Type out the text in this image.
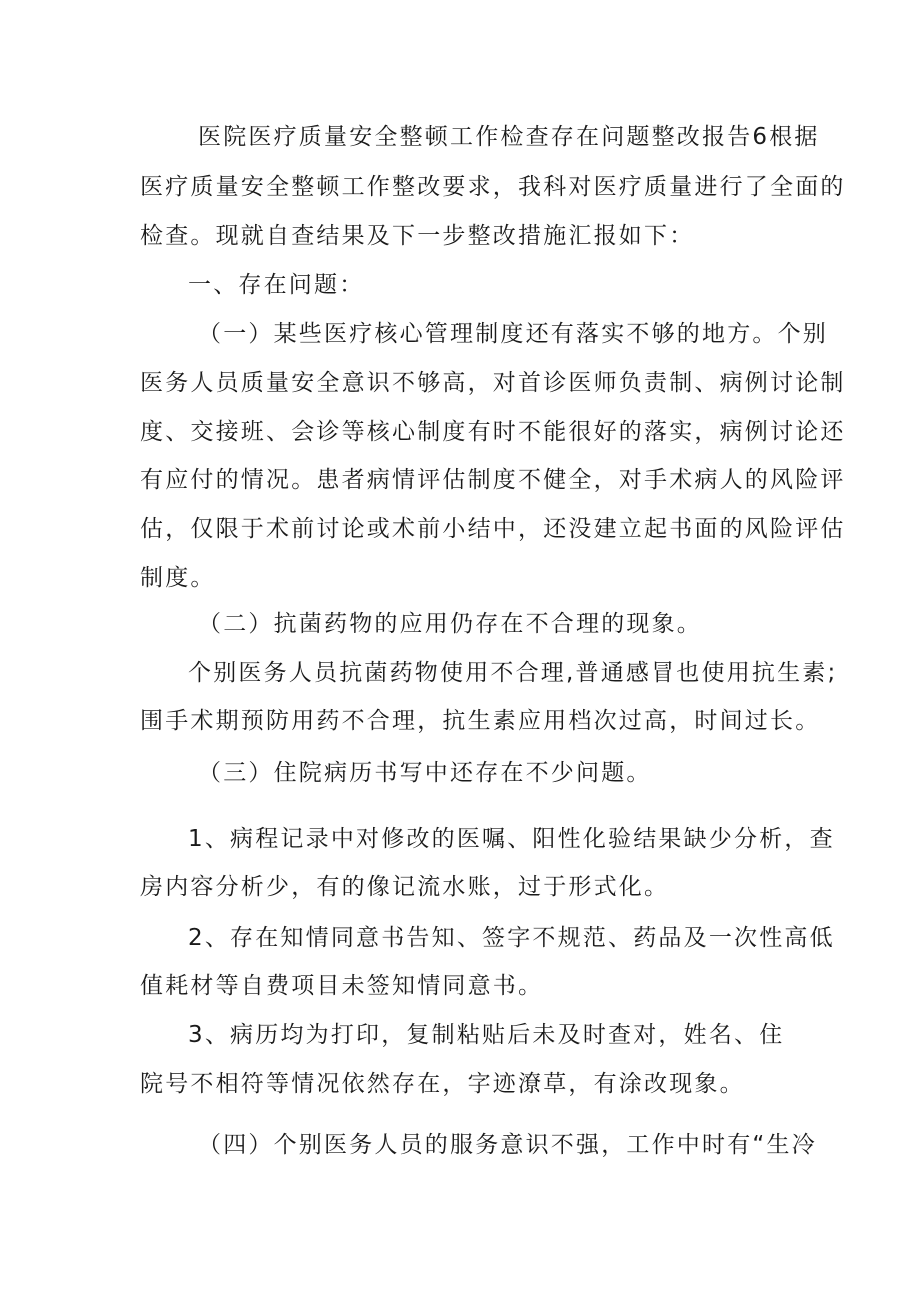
医院医疗质量安全整顿工作检查存在问题整改报告6根据
医疗质量安全整顿工作整改要求，我科对医疗质量进行了全面的
检查。现就自查结果及下一步整改措施汇报如下：
一、存在问题：
（一）某些医疗核心管理制度还有落实不够的地方。个别
医务人员质量安全意识不够高，对首诊医师负责制、病例讨论制
度、交接班、会诊等核心制度有时不能很好的落实，病例讨论还
有应付的情况。患者病情评估制度不健全，对手术病人的风险评
估，仅限于术前讨论或术前小结中，还没建立起书面的风险评估
制度。
（二）抗菌药物的应用仍存在不合理的现象。
个别医务人员抗菌药物使用不合理,普通感冒也使用抗生素;
围手术期预防用药不合理，抗生素应用档次过高，时间过长。
（三）住院病历书写中还存在不少问题。
1、病程记录中对修改的医嘱、阳性化验结果缺少分析，查
房内容分析少，有的像记流水账，过于形式化。
2、存在知情同意书告知、签字不规范、药品及一次性高低
值耗材等自费项目未签知情同意书。
3、病历均为打印，复制粘贴后未及时查对，姓名、住
院号不相符等情况依然存在，字迹潦草，有涂改现象。
（四）个别医务人员的服务意识不强，工作中时有“生冷
